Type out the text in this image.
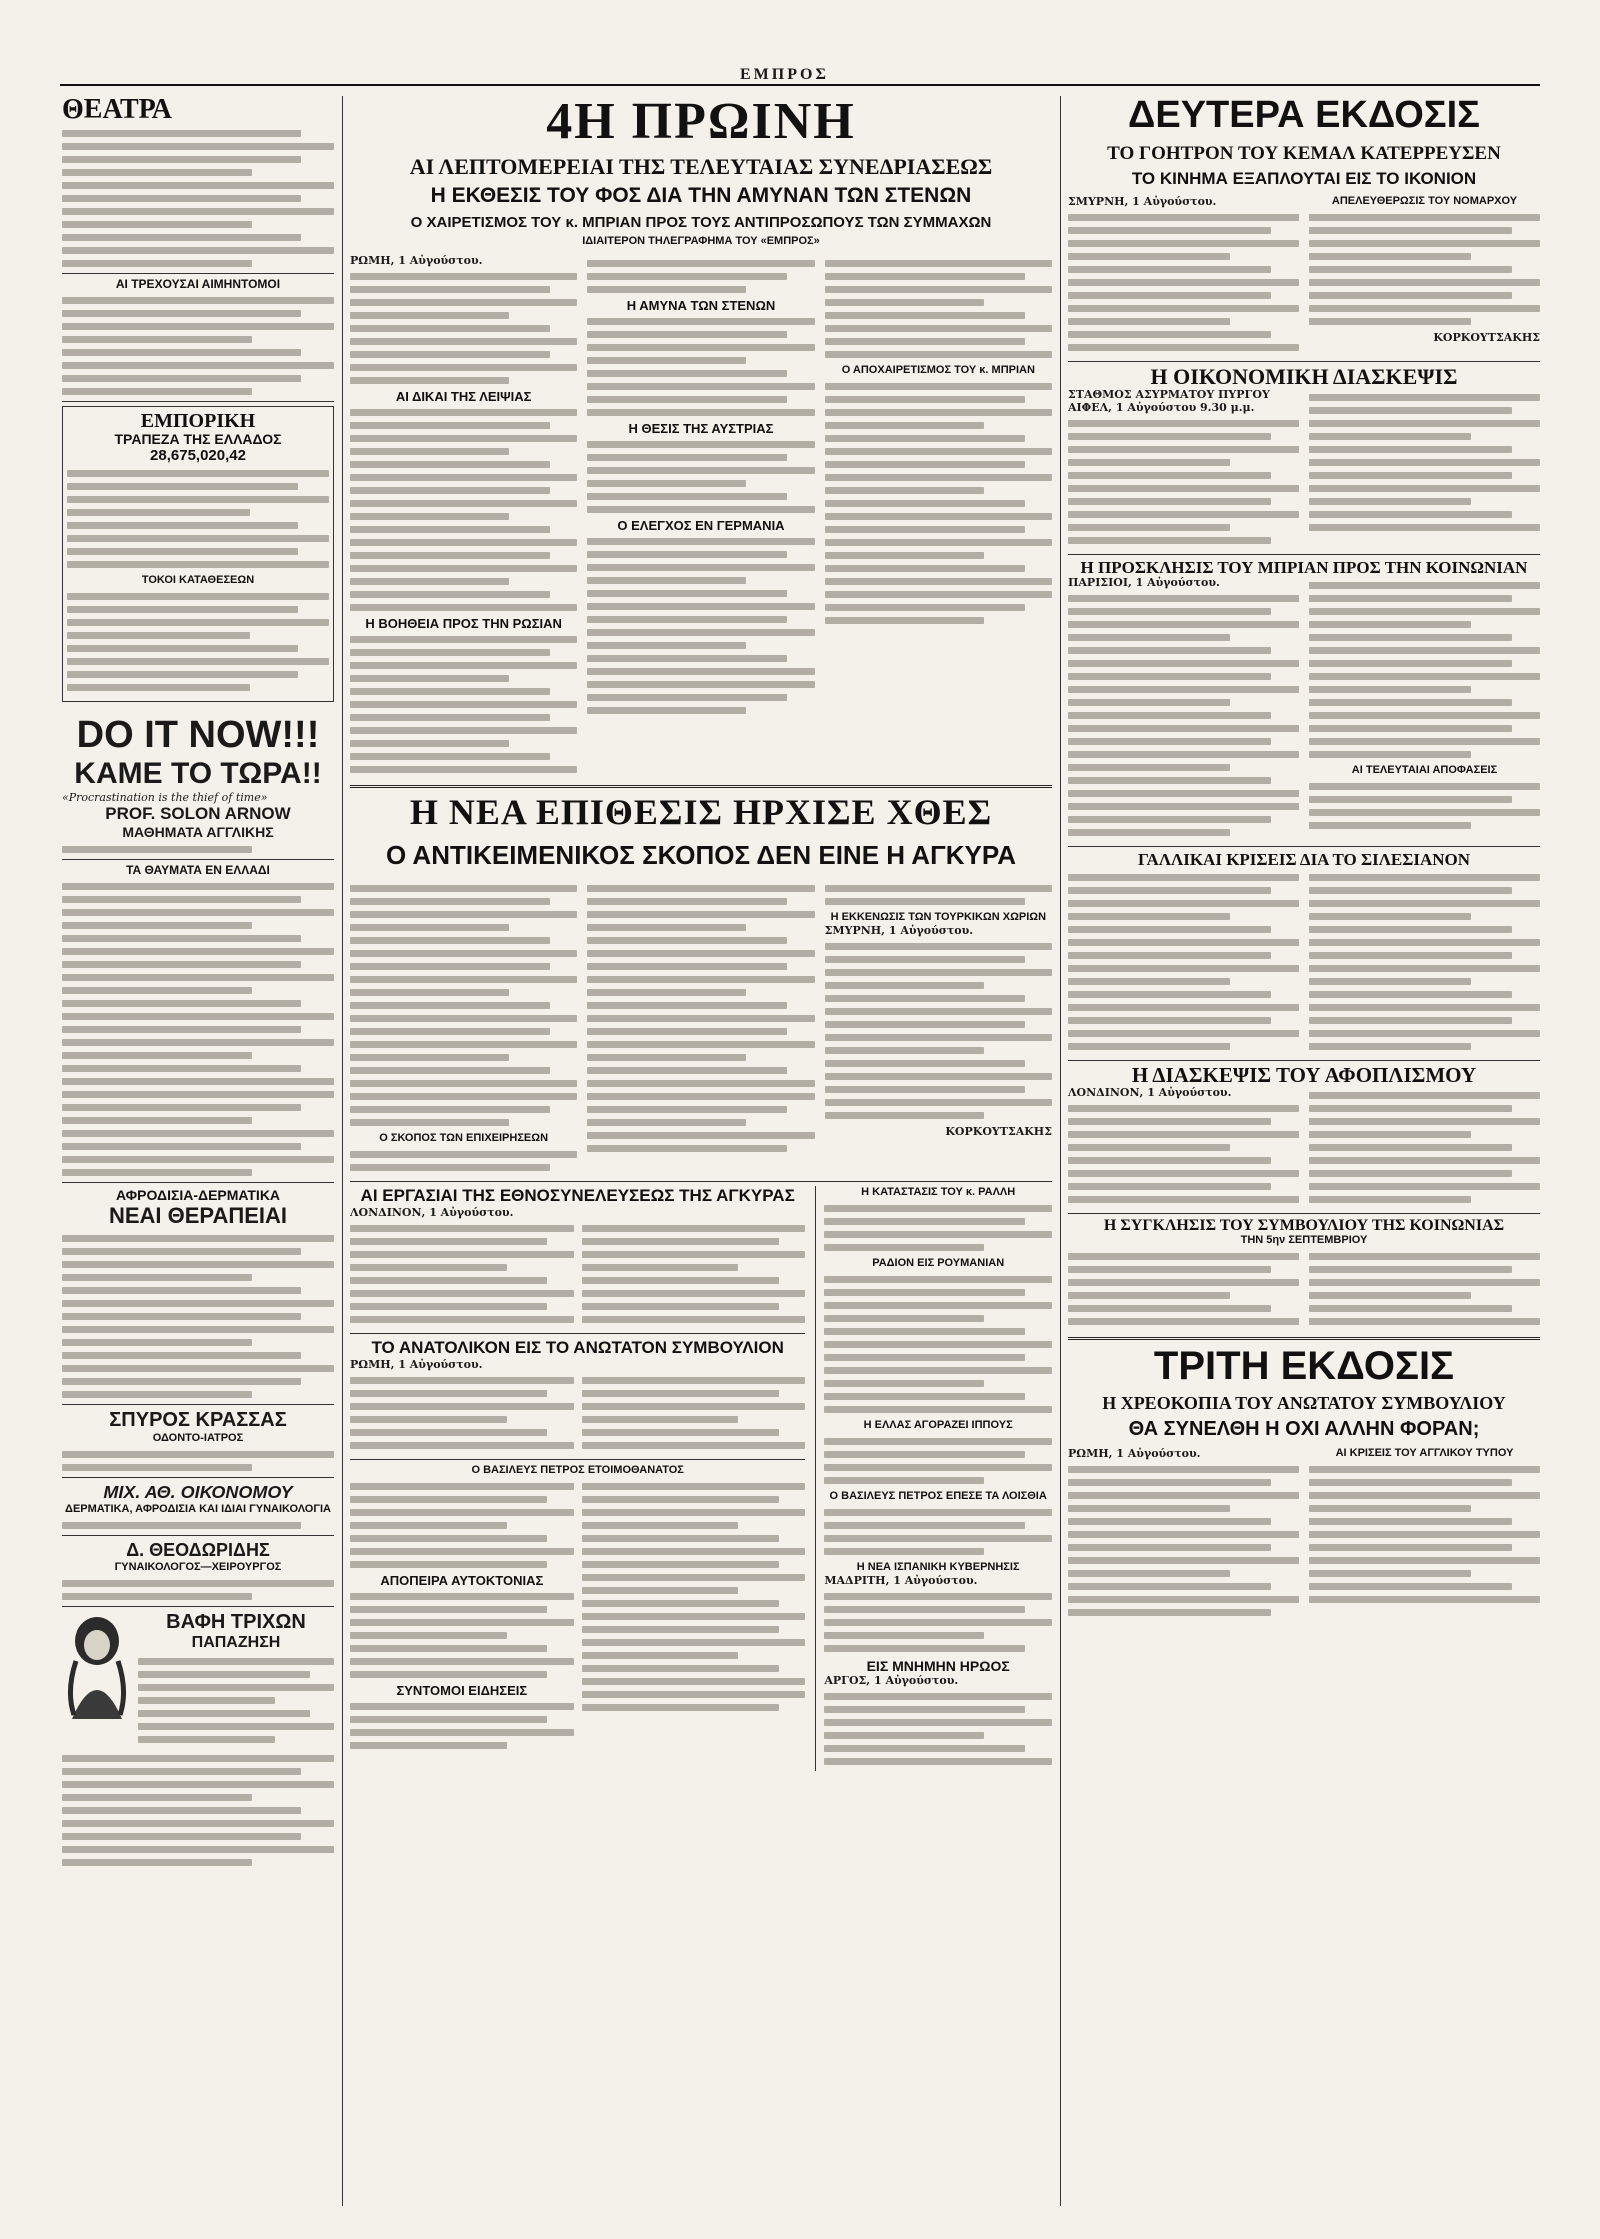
ΕΜΠΡΟΣ
ΘΕΑΤΡΑ
ΑΙ ΤΡΕΧΟΥΣΑΙ ΑΙΜΗΝΤΟΜΟΙ
ΕΜΠΟΡΙΚΗ
ΤΡΑΠΕΖΑ ΤΗΣ ΕΛΛΑΔΟΣ
28,675,020,42
ΤΟΚΟΙ ΚΑΤΑΘΕΣΕΩΝ
DO IT NOW!!!
ΚΑΜΕ ΤΟ ΤΩΡΑ!!
«Procrastination is the thief of time»
PROF. SOLON ARNOW
ΜΑΘΗΜΑΤΑ ΑΓΓΛΙΚΗΣ
ΤΑ ΘΑΥΜΑΤΑ ΕΝ ΕΛΛΑΔΙ
ΑΦΡΟΔΙΣΙΑ-ΔΕΡΜΑΤΙΚΑ
ΝΕΑΙ ΘΕΡΑΠΕΙΑΙ
ΣΠΥΡΟΣ ΚΡΑΣΣΑΣ
ΟΔΟΝΤΟ-ΙΑΤΡΟΣ
ΜΙΧ. ΑΘ. ΟΙΚΟΝΟΜΟΥ
ΔΕΡΜΑΤΙΚΑ, ΑΦΡΟΔΙΣΙΑ ΚΑΙ ΙΔΙΑΙ ΓΥΝΑΙΚΟΛΟΓΙΑ
Δ. ΘΕΟΔΩΡΙΔΗΣ
ΓΥΝΑΙΚΟΛΟΓΟΣ—ΧΕΙΡΟΥΡΓΟΣ
ΒΑΦΗ ΤΡΙΧΩΝ
ΠΑΠΑΖΗΣΗ
4Η ΠΡΩΙΝΗ
ΑΙ ΛΕΠΤΟΜΕΡΕΙΑΙ ΤΗΣ ΤΕΛΕΥΤΑΙΑΣ ΣΥΝΕΔΡΙΑΣΕΩΣ
Η ΕΚΘΕΣΙΣ ΤΟΥ ΦΟΣ ΔΙΑ ΤΗΝ ΑΜΥΝΑΝ ΤΩΝ ΣΤΕΝΩΝ
Ο ΧΑΙΡΕΤΙΣΜΟΣ ΤΟΥ κ. ΜΠΡΙΑΝ ΠΡΟΣ ΤΟΥΣ ΑΝΤΙΠΡΟΣΩΠΟΥΣ ΤΩΝ ΣΥΜΜΑΧΩΝ
ΙΔΙΑΙΤΕΡΟΝ ΤΗΛΕΓΡΑΦΗΜΑ ΤΟΥ «ΕΜΠΡΟΣ»
ΡΩΜΗ, 1 Αὐγούστου.
ΑΙ ΔΙΚΑΙ ΤΗΣ ΛΕΙΨΙΑΣ
Η ΒΟΗΘΕΙΑ ΠΡΟΣ ΤΗΝ ΡΩΣΙΑΝ
Η ΑΜΥΝΑ ΤΩΝ ΣΤΕΝΩΝ
Η ΘΕΣΙΣ ΤΗΣ ΑΥΣΤΡΙΑΣ
Ο ΕΛΕΓΧΟΣ ΕΝ ΓΕΡΜΑΝΙΑ
Ο ΑΠΟΧΑΙΡΕΤΙΣΜΟΣ ΤΟΥ κ. ΜΠΡΙΑΝ
Η ΝΕΑ ΕΠΙΘΕΣΙΣ ΗΡΧΙΣΕ ΧΘΕΣ
Ο ΑΝΤΙΚΕΙΜΕΝΙΚΟΣ ΣΚΟΠΟΣ ΔΕΝ ΕΙΝΕ Η ΑΓΚΥΡΑ
Ο ΣΚΟΠΟΣ ΤΩΝ ΕΠΙΧΕΙΡΗΣΕΩΝ
Η ΕΚΚΕΝΩΣΙΣ ΤΩΝ ΤΟΥΡΚΙΚΩΝ ΧΩΡΙΩΝ
ΣΜΥΡΝΗ, 1 Αὐγούστου.
ΚΟΡΚΟΥΤΣΑΚΗΣ
ΑΙ ΕΡΓΑΣΙΑΙ ΤΗΣ ΕΘΝΟΣΥΝΕΛΕΥΣΕΩΣ ΤΗΣ ΑΓΚΥΡΑΣ
ΛΟΝΔΙΝΟΝ, 1 Αὐγούστου.
ΤΟ ΑΝΑΤΟΛΙΚΟΝ ΕΙΣ ΤΟ ΑΝΩΤΑΤΟΝ ΣΥΜΒΟΥΛΙΟΝ
ΡΩΜΗ, 1 Αὐγούστου.
Ο ΒΑΣΙΛΕΥΣ ΠΕΤΡΟΣ ΕΤΟΙΜΟΘΑΝΑΤΟΣ
ΑΠΟΠΕΙΡΑ ΑΥΤΟΚΤΟΝΙΑΣ
ΣΥΝΤΟΜΟΙ ΕΙΔΗΣΕΙΣ
Η ΚΑΤΑΣΤΑΣΙΣ ΤΟΥ κ. ΡΑΛΛΗ
ΡΑΔΙΟΝ ΕΙΣ ΡΟΥΜΑΝΙΑΝ
Η ΕΛΛΑΣ ΑΓΟΡΑΖΕΙ ΙΠΠΟΥΣ
Ο ΒΑΣΙΛΕΥΣ ΠΕΤΡΟΣ ΕΠΕΣΕ ΤΑ ΛΟΙΣΘΙΑ
Η ΝΕΑ ΙΣΠΑΝΙΚΗ ΚΥΒΕΡΝΗΣΙΣ
ΜΑΔΡΙΤΗ, 1 Αὐγούστου.
ΕΙΣ ΜΝΗΜΗΝ ΗΡΩΟΣ
ΑΡΓΟΣ, 1 Αὐγούστου.
ΔΕΥΤΕΡΑ ΕΚΔΟΣΙΣ
ΤΟ ΓΟΗΤΡΟΝ ΤΟΥ ΚΕΜΑΛ ΚΑΤΕΡΡΕΥΣΕΝ
ΤΟ ΚΙΝΗΜΑ ΕΞΑΠΛΟΥΤΑΙ ΕΙΣ ΤΟ ΙΚΟΝΙΟΝ
ΣΜΥΡΝΗ, 1 Αὐγούστου.	ΑΠΕΛΕΥΘΕΡΩΣΙΣ ΤΟΥ ΝΟΜΑΡΧΟΥ
ΚΟΡΚΟΥΤΣΑΚΗΣ
Η ΟΙΚΟΝΟΜΙΚΗ ΔΙΑΣΚΕΨΙΣ
ΣΤΑΘΜΟΣ ΑΣΥΡΜΑΤΟΥ ΠΥΡΓΟΥ ΑΙΦΕΛ, 1 Αὐγούστου 9.30 μ.μ.
Η ΠΡΟΣΚΛΗΣΙΣ ΤΟΥ ΜΠΡΙΑΝ ΠΡΟΣ ΤΗΝ ΚΟΙΝΩΝΙΑΝ
ΠΑΡΙΣΙΟΙ, 1 Αὐγούστου.
ΑΙ ΤΕΛΕΥΤΑΙΑΙ ΑΠΟΦΑΣΕΙΣ
ΓΑΛΛΙΚΑΙ ΚΡΙΣΕΙΣ ΔΙΑ ΤΟ ΣΙΛΕΣΙΑΝΟΝ
Η ΔΙΑΣΚΕΨΙΣ ΤΟΥ ΑΦΟΠΛΙΣΜΟΥ
ΛΟΝΔΙΝΟΝ, 1 Αὐγούστου.
Η ΣΥΓΚΛΗΣΙΣ ΤΟΥ ΣΥΜΒΟΥΛΙΟΥ ΤΗΣ ΚΟΙΝΩΝΙΑΣ
ΤΗΝ 5ην ΣΕΠΤΕΜΒΡΙΟΥ
ΤΡΙΤΗ ΕΚΔΟΣΙΣ
Η ΧΡΕΟΚΟΠΙΑ ΤΟΥ ΑΝΩΤΑΤΟΥ ΣΥΜΒΟΥΛΙΟΥ
ΘΑ ΣΥΝΕΛΘΗ Η ΟΧΙ ΑΛΛΗΝ ΦΟΡΑΝ;
ΡΩΜΗ, 1 Αὐγούστου.	ΑΙ ΚΡΙΣΕΙΣ ΤΟΥ ΑΓΓΛΙΚΟΥ ΤΥΠΟΥ
